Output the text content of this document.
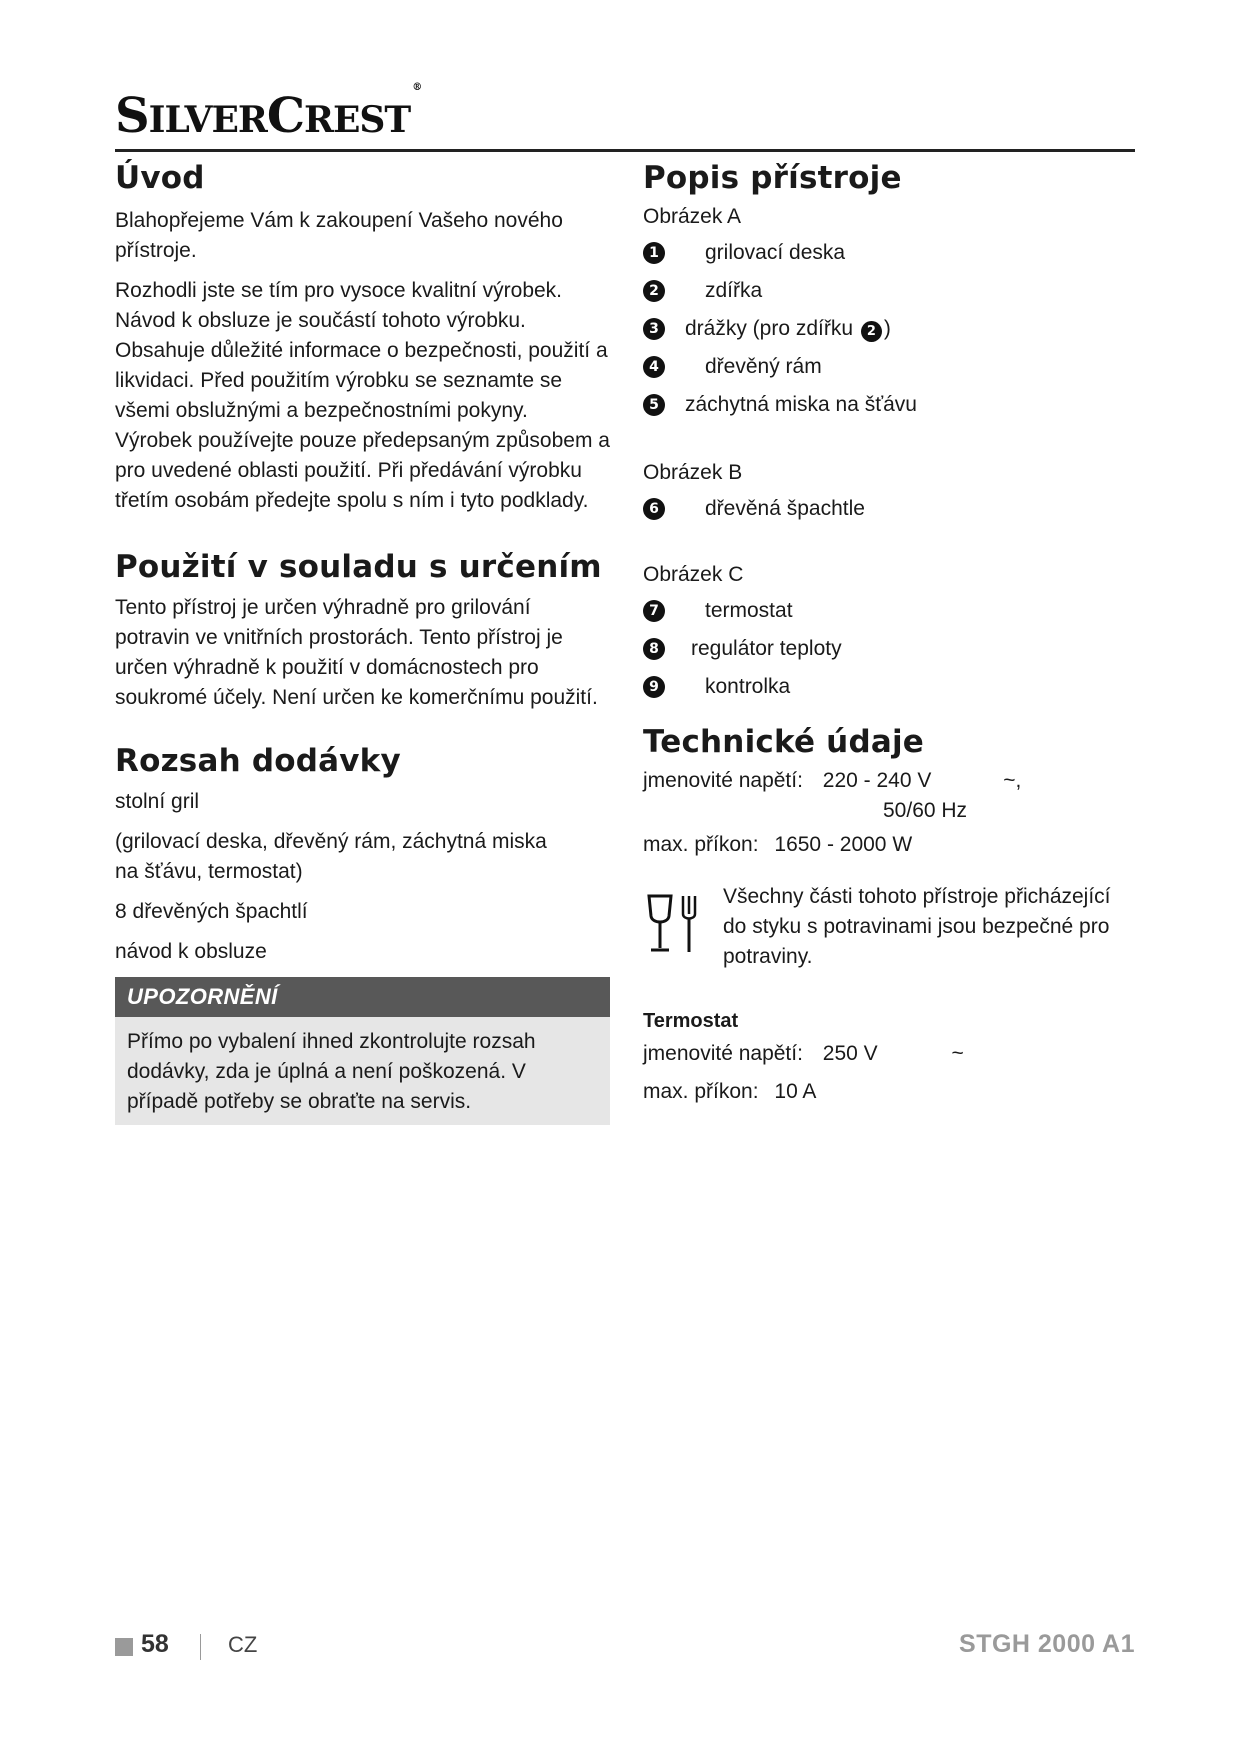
SILVERCREST®
Úvod

Blahopřejeme Vám k zakoupení Vašeho nového přístroje.

Rozhodli jste se tím pro vysoce kvalitní výrobek. Návod k obsluze je součástí tohoto výrobku. Obsahuje důležité informace o bezpečnosti, použití a likvidaci. Před použitím výrobku se seznamte se všemi obslužnými a bezpečnostními pokyny. Výrobek používejte pouze předepsaným způsobem a pro uvedené oblasti použití. Při předávání výrobku třetím osobám předejte spolu s ním i tyto podklady.

Použití v souladu s určením

Tento přístroj je určen výhradně pro grilování potravin ve vnitřních prostorách. Tento přístroj je určen výhradně k použití v domácnostech pro soukromé účely. Není určen ke komerčnímu použití.

Rozsah dodávky

stolní gril

(grilovací deska, dřevěný rám, záchytná miska na šťávu, termostat)

8 dřevěných špachtlí

návod k obsluze

UPOZORNĚNÍ

Přímo po vybalení ihned zkontrolujte rozsah dodávky, zda je úplná a není poškozená. V případě potřeby se obraťte na servis.

Popis přístroje

Obrázek A

1 grilovací deska
2 zdířka
3 drážky (pro zdířku 2 )
4 dřevěný rám
5 záchytná miska na šťávu

Obrázek B

6 dřevěná špachtle

Obrázek C

7 termostat
8 regulátor teploty
9 kontrolka
Technické údaje
jmenovité napětí: 220 - 240 V	~,
50/60 Hz
max. příkon: 1650 - 2000 W

Všechny části tohoto přístroje přicházející do styku s potravinami jsou bezpečné pro potraviny.

Termostat
jmenovité napětí: 250 V	~
max. příkon: 10 A
58	CZ	STGH 2000 A1
